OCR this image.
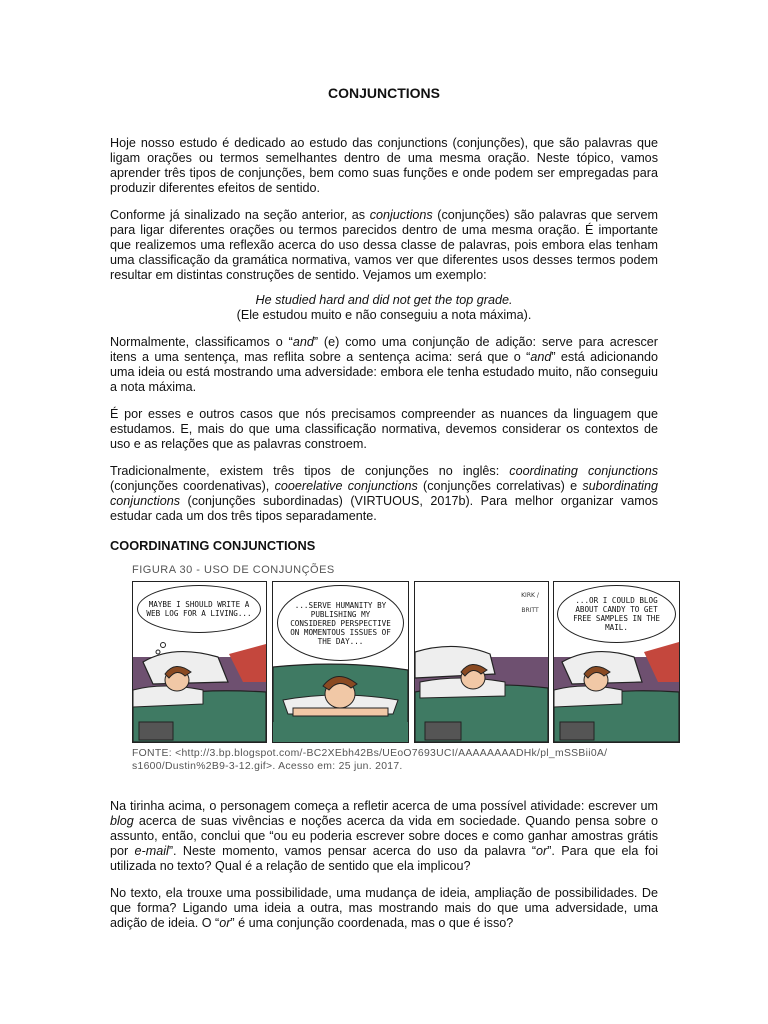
CONJUNCTIONS

Hoje nosso estudo é dedicado ao estudo das conjunctions (conjunções), que são palavras que ligam orações ou termos semelhantes dentro de uma mesma oração. Neste tópico, vamos aprender três tipos de conjunções, bem como suas funções e onde podem ser empregadas para produzir diferentes efeitos de sentido.

Conforme já sinalizado na seção anterior, as conjuctions (conjunções) são palavras que servem para ligar diferentes orações ou termos parecidos dentro de uma mesma oração. É importante que realizemos uma reflexão acerca do uso dessa classe de palavras, pois embora elas tenham uma classificação da gramática normativa, vamos ver que diferentes usos desses termos podem resultar em distintas construções de sentido. Vejamos um exemplo:

He studied hard and did not get the top grade.
(Ele estudou muito e não conseguiu a nota máxima).

Normalmente, classificamos o “and” (e) como uma conjunção de adição: serve para acrescer itens a uma sentença, mas reflita sobre a sentença acima: será que o “and” está adicionando uma ideia ou está mostrando uma adversidade: embora ele tenha estudado muito, não conseguiu a nota máxima.

É por esses e outros casos que nós precisamos compreender as nuances da linguagem que estudamos. E, mais do que uma classificação normativa, devemos considerar os contextos de uso e as relações que as palavras constroem.

Tradicionalmente, existem três tipos de conjunções no inglês: coordinating conjunctions (conjunções coordenativas), cooerelative conjunctions (conjunções correlativas) e subordinating conjunctions (conjunções subordinadas) (VIRTUOUS, 2017b). Para melhor organizar vamos estudar cada um dos três tipos separadamente.

COORDINATING CONJUNCTIONS
FIGURA 30 - USO DE CONJUNÇÕES
MAYBE I SHOULD WRITE A WEB LOG FOR A LIVING...
...SERVE HUMANITY BY PUBLISHING MY CONSIDERED PERSPECTIVE ON MOMENTOUS ISSUES OF THE DAY...
KIRK / BRITT
...OR I COULD BLOG ABOUT CANDY TO GET FREE SAMPLES IN THE MAIL.
FONTE: <http://3.bp.blogspot.com/-BC2XEbh42Bs/UEoO7693UCI/AAAAAAAADHk/pl_mSSBii0A/ s1600/Dustin%2B9-3-12.gif>. Acesso em: 25 jun. 2017.

Na tirinha acima, o personagem começa a refletir acerca de uma possível atividade: escrever um blog acerca de suas vivências e noções acerca da vida em sociedade. Quando pensa sobre o assunto, então, conclui que “ou eu poderia escrever sobre doces e como ganhar amostras grátis por e-mail”. Neste momento, vamos pensar acerca do uso da palavra “or”. Para que ela foi utilizada no texto? Qual é a relação de sentido que ela implicou?

No texto, ela trouxe uma possibilidade, uma mudança de ideia, ampliação de possibilidades. De que forma? Ligando uma ideia a outra, mas mostrando mais do que uma adversidade, uma adição de ideia. O “or” é uma conjunção coordenada, mas o que é isso?
